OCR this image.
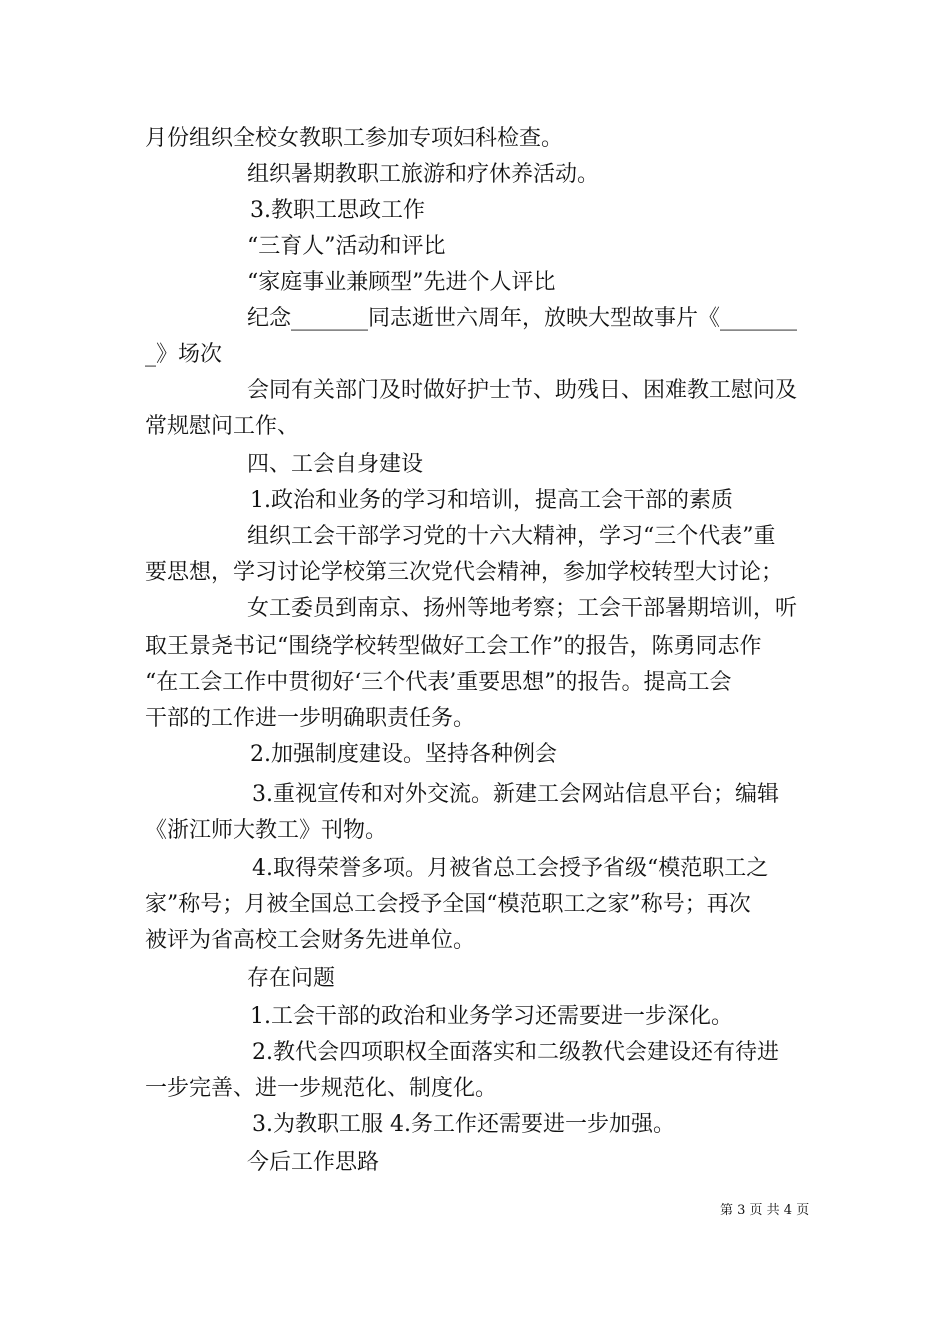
月份组织全校女教职工参加专项妇科检查。
组织暑期教职工旅游和疗休养活动。
3.教职工思政工作
“三育人”活动和评比
“家庭事业兼顾型”先进个人评比
纪念_______同志逝世六周年，放映大型故事片《_______
_》场次
会同有关部门及时做好护士节、助残日、困难教工慰问及
常规慰问工作、
四、工会自身建设
1.政治和业务的学习和培训，提高工会干部的素质
组织工会干部学习党的十六大精神，学习“三个代表”重
要思想，学习讨论学校第三次党代会精神，参加学校转型大讨论；
女工委员到南京、扬州等地考察；工会干部暑期培训，听
取王景尧书记“围绕学校转型做好工会工作”的报告，陈勇同志作
“在工会工作中贯彻好‘三个代表’重要思想”的报告。提高工会
干部的工作进一步明确职责任务。
2.加强制度建设。坚持各种例会
3.重视宣传和对外交流。新建工会网站信息平台；编辑
《浙江师大教工》刊物。
4.取得荣誉多项。月被省总工会授予省级“模范职工之
家”称号；月被全国总工会授予全国“模范职工之家”称号；再次
被评为省高校工会财务先进单位。
存在问题
1.工会干部的政治和业务学习还需要进一步深化。
2.教代会四项职权全面落实和二级教代会建设还有待进
一步完善、进一步规范化、制度化。
3.为教职工服 4.务工作还需要进一步加强。
今后工作思路
第 3 页 共 4 页
